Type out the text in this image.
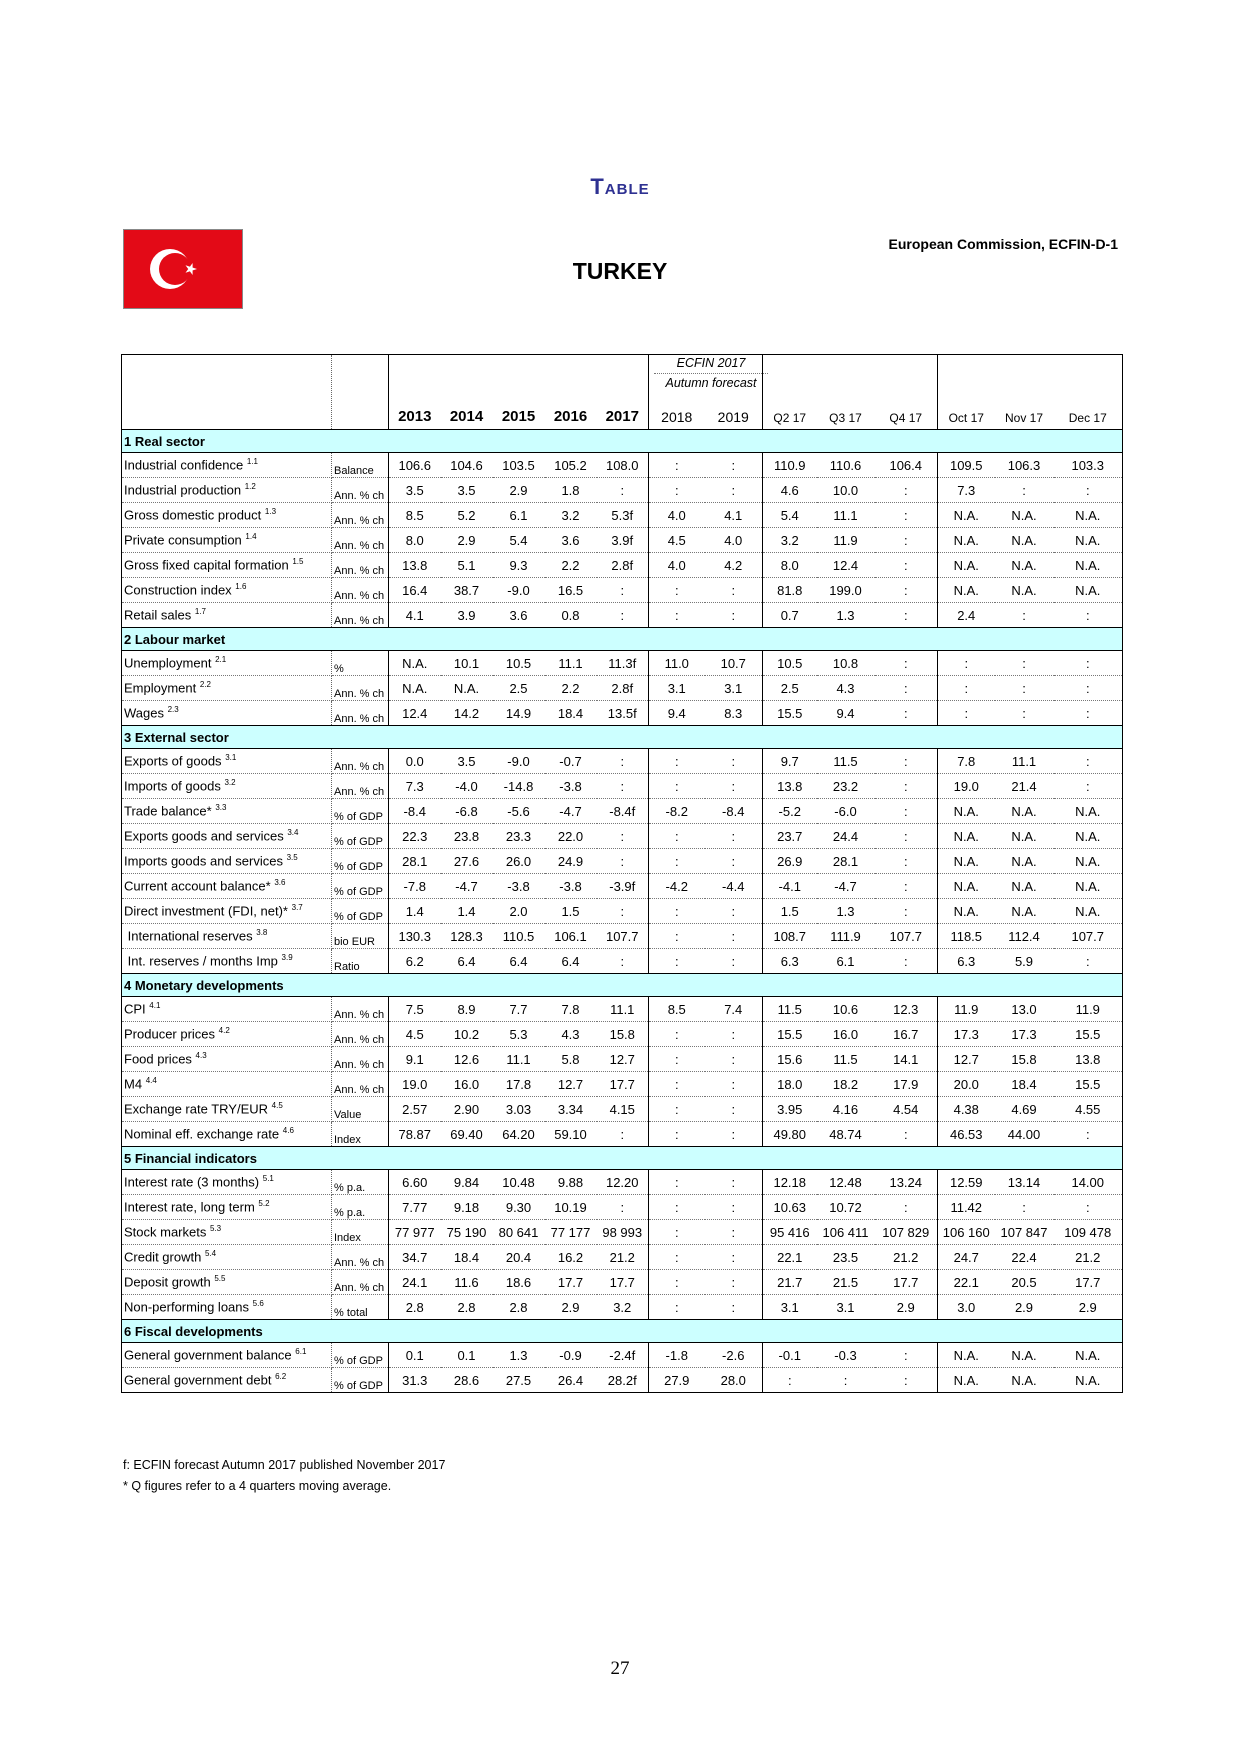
Table
European Commission, ECFIN-D-1
TURKEY
		2013	2014	2015	2016	2017	2018	2019	Q2 17	Q3 17	Q4 17	Oct 17	Nov 17	Dec 17
1 Real sector														
Industrial confidence $^{1.1}$	Balance	106.6	104.6	103.5	105.2	108.0	:	:	110.9	110.6	106.4	109.5	106.3	103.3
Industrial production $^{1.2}$	Ann. % ch	3.5	3.5	2.9	1.8	:	:	:	4.6	10.0	:	7.3	:	:
Gross domestic product $^{1.3}$	Ann. % ch	8.5	5.2	6.1	3.2	5.3f	4.0	4.1	5.4	11.1	:	N.A.	N.A.	N.A.
Private consumption $^{1.4}$	Ann. % ch	8.0	2.9	5.4	3.6	3.9f	4.5	4.0	3.2	11.9	:	N.A.	N.A.	N.A.
Gross fixed capital formation $^{1.5}$	Ann. % ch	13.8	5.1	9.3	2.2	2.8f	4.0	4.2	8.0	12.4	:	N.A.	N.A.	N.A.
Construction index $^{1.6}$	Ann. % ch	16.4	38.7	-9.0	16.5	:	:	:	81.8	199.0	:	N.A.	N.A.	N.A.
Retail sales $^{1.7}$	Ann. % ch	4.1	3.9	3.6	0.8	:	:	:	0.7	1.3	:	2.4	:	:
2 Labour market														
Unemployment $^{2.1}$	%	N.A.	10.1	10.5	11.1	11.3f	11.0	10.7	10.5	10.8	:	:	:	:
Employment $^{2.2}$	Ann. % ch	N.A.	N.A.	2.5	2.2	2.8f	3.1	3.1	2.5	4.3	:	:	:	:
Wages $^{2.3}$	Ann. % ch	12.4	14.2	14.9	18.4	13.5f	9.4	8.3	15.5	9.4	:	:	:	:
3 External sector														
Exports of goods $^{3.1}$	Ann. % ch	0.0	3.5	-9.0	-0.7	:	:	:	9.7	11.5	:	7.8	11.1	:
Imports of goods $^{3.2}$	Ann. % ch	7.3	-4.0	-14.8	-3.8	:	:	:	13.8	23.2	:	19.0	21.4	:
Trade balance* $^{3.3}$	% of GDP	-8.4	-6.8	-5.6	-4.7	-8.4f	-8.2	-8.4	-5.2	-6.0	:	N.A.	N.A.	N.A.
Exports goods and services $^{3.4}$	% of GDP	22.3	23.8	23.3	22.0	:	:	:	23.7	24.4	:	N.A.	N.A.	N.A.
Imports goods and services $^{3.5}$	% of GDP	28.1	27.6	26.0	24.9	:	:	:	26.9	28.1	:	N.A.	N.A.	N.A.
Current account balance* $^{3.6}$	% of GDP	-7.8	-4.7	-3.8	-3.8	-3.9f	-4.2	-4.4	-4.1	-4.7	:	N.A.	N.A.	N.A.
Direct investment (FDI, net)* $^{3.7}$	% of GDP	1.4	1.4	2.0	1.5	:	:	:	1.5	1.3	:	N.A.	N.A.	N.A.
International reserves $^{3.8}$	bio EUR	130.3	128.3	110.5	106.1	107.7	:	:	108.7	111.9	107.7	118.5	112.4	107.7
Int. reserves / months Imp $^{3.9}$	Ratio	6.2	6.4	6.4	6.4	:	:	:	6.3	6.1	:	6.3	5.9	:
4 Monetary developments														
CPI $^{4.1}$	Ann. % ch	7.5	8.9	7.7	7.8	11.1	8.5	7.4	11.5	10.6	12.3	11.9	13.0	11.9
Producer prices $^{4.2}$	Ann. % ch	4.5	10.2	5.3	4.3	15.8	:	:	15.5	16.0	16.7	17.3	17.3	15.5
Food prices $^{4.3}$	Ann. % ch	9.1	12.6	11.1	5.8	12.7	:	:	15.6	11.5	14.1	12.7	15.8	13.8
M4 $^{4.4}$	Ann. % ch	19.0	16.0	17.8	12.7	17.7	:	:	18.0	18.2	17.9	20.0	18.4	15.5
Exchange rate TRY/EUR $^{4.5}$	Value	2.57	2.90	3.03	3.34	4.15	:	:	3.95	4.16	4.54	4.38	4.69	4.55
Nominal eff. exchange rate $^{4.6}$	Index	78.87	69.40	64.20	59.10	:	:	:	49.80	48.74	:	46.53	44.00	:
5 Financial indicators														
Interest rate (3 months) $^{5.1}$	% p.a.	6.60	9.84	10.48	9.88	12.20	:	:	12.18	12.48	13.24	12.59	13.14	14.00
Interest rate, long term $^{5.2}$	% p.a.	7.77	9.18	9.30	10.19	:	:	:	10.63	10.72	:	11.42	:	:
Stock markets $^{5.3}$	Index	77 977	75 190	80 641	77 177	98 993	:	:	95 416	106 411	107 829	106 160	107 847	109 478
Credit growth $^{5.4}$	Ann. % ch	34.7	18.4	20.4	16.2	21.2	:	:	22.1	23.5	21.2	24.7	22.4	21.2
Deposit growth $^{5.5}$	Ann. % ch	24.1	11.6	18.6	17.7	17.7	:	:	21.7	21.5	17.7	22.1	20.5	17.7
Non-performing loans $^{5.6}$	% total	2.8	2.8	2.8	2.9	3.2	:	:	3.1	3.1	2.9	3.0	2.9	2.9
6 Fiscal developments														
General government balance $^{6.1}$	% of GDP	0.1	0.1	1.3	-0.9	-2.4f	-1.8	-2.6	-0.1	-0.3	:	N.A.	N.A.	N.A.
General government debt $^{6.2}$	% of GDP	31.3	28.6	27.5	26.4	28.2f	27.9	28.0	:	:	:	N.A.	N.A.	N.A.
ECFIN 2017
Autumn forecast
f: ECFIN forecast Autumn 2017 published November 2017
* Q figures refer to a 4 quarters moving average.
27
